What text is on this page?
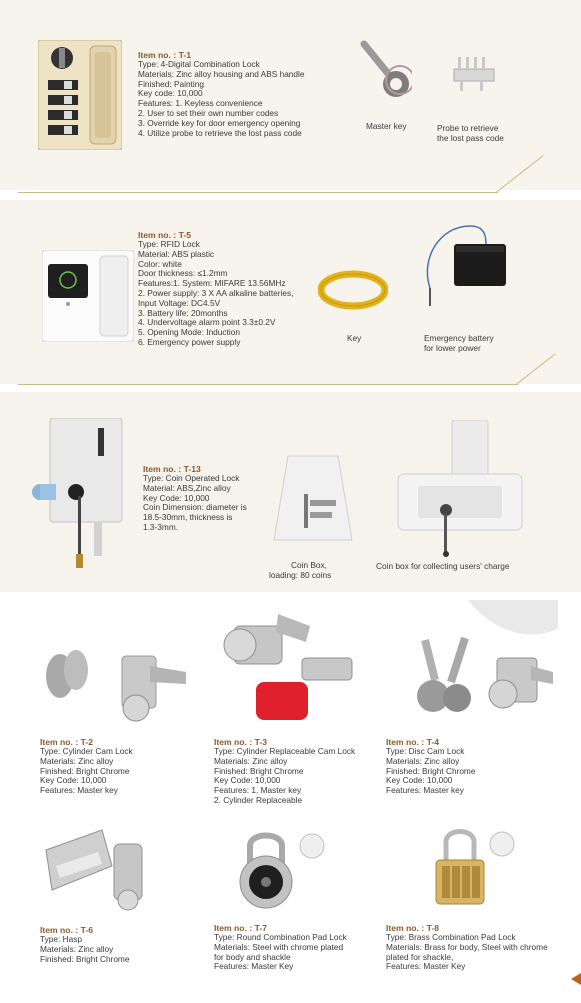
Item no. : T-1

Type: 4-Digital Combination Lock

Materials: Zinc alloy housing and ABS handle

Finished: Painting

Key code: 10,000

Features: 1. Keyless convenience

2. User to set their own number codes

3. Override key for door emergency opening

4. Utilize probe to retrieve the lost pass code

Master key	Probe to retrieve
the lost pass code

Item no. : T-5

Type: RFID Lock

Material: ABS plastic

Color: white

Door thickness: ≤1.2mm

Features:1. System: MIFARE 13.56MHz

2. Power supply: 3 X AA alkaline batteries,

Input Voltage: DC4.5V

3. Battery life: 20months

4. Undervoltage alarm point 3.3±0.2V

5. Opening Mode: Induction

6. Emergency power supply	Key	Emergency battery
for lower power

Item no. : T-13

Type: Coin Operated Lock

Material: ABS,Zinc alloy

Key Code: 10,000

Coin Dimension: diameter is

18.5-30mm, thickness is

1.3-3mm.

Coin Box,
loading: 80 coins
Coin box for collecting users' charge

Item no. : T-2

Type: Cylinder Cam Lock

Materials: Zinc alloy

Finished: Bright Chrome

Key Code: 10,000

Features: Master key

Item no. : T-3

Type: Cylinder Replaceable Cam Lock

Materials: Zinc alloy

Finished: Bright Chrome

Key Code: 10,000

Features: 1. Master key

2. Cylinder Replaceable

Item no. : T-4

Type: Disc Cam Lock

Materials: Zinc alloy

Finished: Bright Chrome

Key Code: 10,000

Features: Master key

Item no. : T-6

Type: Hasp

Materials: Zinc alloy

Finished: Bright Chrome

Item no. : T-7

Type: Round Combination Pad Lock

Materials: Steel with chrome plated

for body and shackle

Features: Master Key

Item no. : T-8

Type: Brass Combination Pad Lock

Materials: Brass for body, Steel with chrome

plated for shackle,

Features: Master Key
